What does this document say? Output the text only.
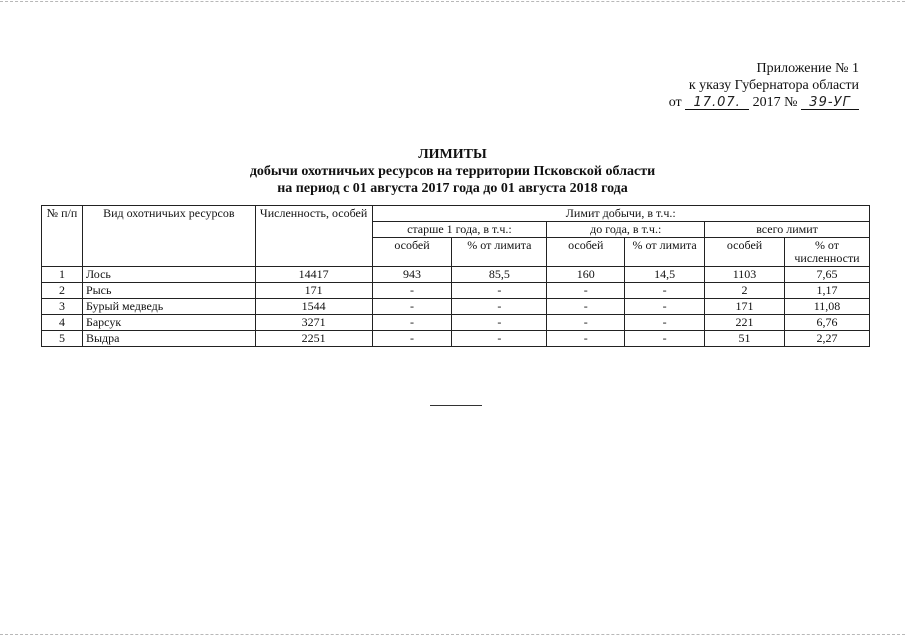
Приложение № 1
к указу Губернатора области
от 17.07. 2017 № 39-УГ
ЛИМИТЫ
добычи охотничьих ресурсов на территории Псковской области
на период с 01 августа 2017 года до 01 августа 2018 года
№ п/п	Вид охотничьих ресурсов	Численность, особей	Лимит добычи, в т.ч.:					
			старше 1 года, в т.ч.:		до года, в т.ч.:		всего лимит	
			особей	% от лимита	особей	% от лимита	особей	% от численности
1	Лось	14417	943	85,5	160	14,5	1103	7,65
2	Рысь	171	-	-	-	-	2	1,17
3	Бурый медведь	1544	-	-	-	-	171	11,08
4	Барсук	3271	-	-	-	-	221	6,76
5	Выдра	2251	-	-	-	-	51	2,27
